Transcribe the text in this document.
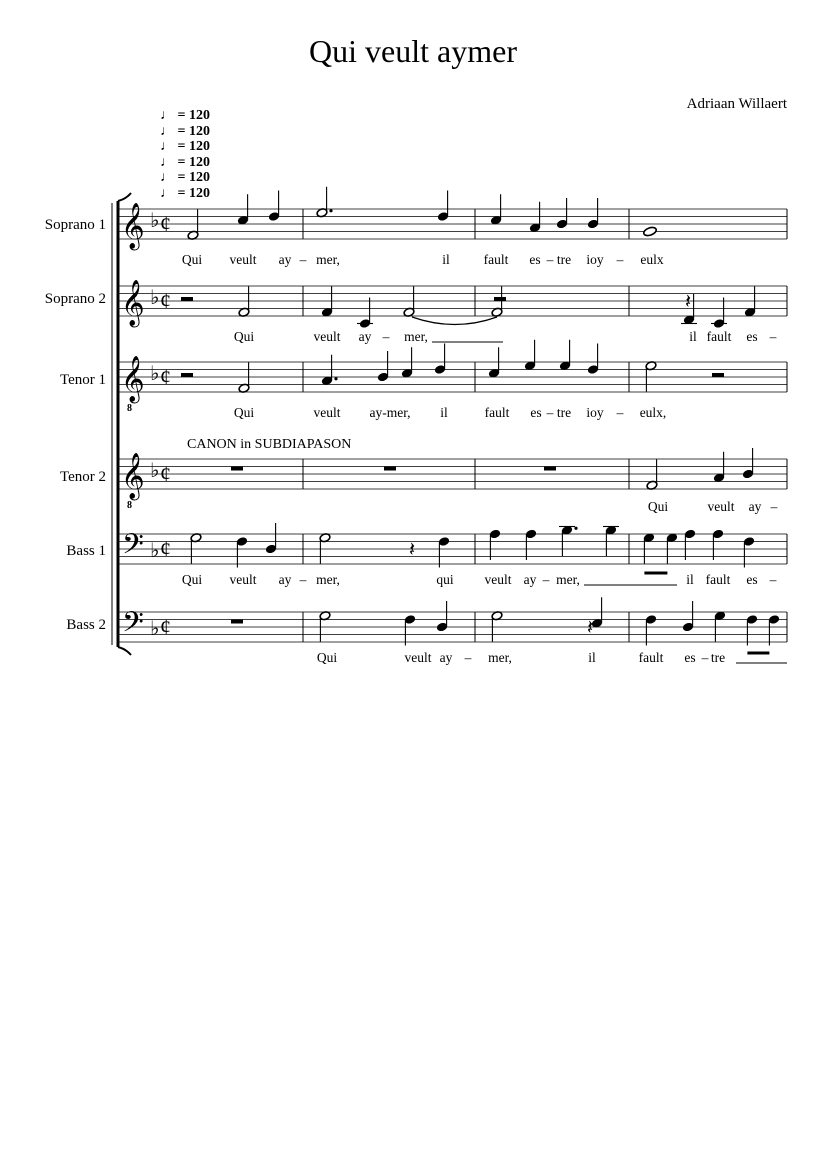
Qui veult aymer
Adriaan Willaert
♩ = 120
♩ = 120
♩ = 120
♩ = 120
♩ = 120
♩ = 120
𝄞 ♭ ¢
𝄞 ♭ ¢
𝄞 ♭
8
¢
𝄞 ♭
8
¢
𝄢 ♭ ¢
𝄢 ♭ ¢
Soprano 1
Soprano 2
Tenor 1
Tenor 2
Bass 1
Bass 2
CANON in SUBDIAPASON
𝄽
𝄽
𝄽
Qui veult ay – mer,	il	fault es – tre ioy – eulx
Qui	veult ay – mer,	il fault es –
Qui	veult ay-mer, il	fault es – tre ioy – eulx,
Qui	veult ay –
Qui veult ay – mer,	qui veult ay – mer,	il fault es –
Qui	veult ay – mer,	il	fault es – tre
